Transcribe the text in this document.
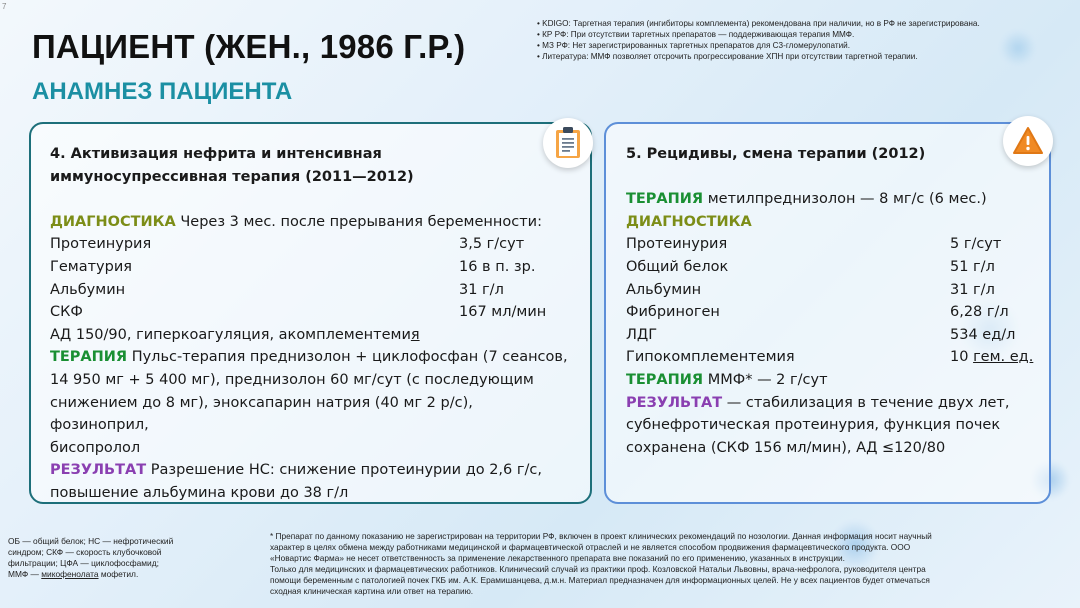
7
ПАЦИЕНТ (ЖЕН., 1986 Г.Р.)
АНАМНЕЗ ПАЦИЕНТА
• KDIGO: Таргетная терапия (ингибиторы комплемента) рекомендована при наличии, но в РФ не зарегистрирована.
• КР РФ: При отсутствии таргетных препаратов — поддерживающая терапия ММФ.
• МЗ РФ: Нет зарегистрированных таргетных препаратов для С3-гломерулопатий.
• Литература: ММФ позволяет отсрочить прогрессирование ХПН при отсутствии таргетной терапии.
4. Активизация нефрита и интенсивная
иммуносупрессивная терапия (2011—2012)
ДИАГНОСТИКА Через 3 мес. после прерывания беременности:
Протеинурия	3,5 г/сут
Гематурия	16 в п. зр.
Альбумин	31 г/л
СКФ	167 мл/мин
АД 150/90, гиперкоагуляция, акомплементемия
ТЕРАПИЯ Пульс-терапия преднизолон + циклофосфан (7 сеансов,
14 950 мг + 5 400 мг), преднизолон 60 мг/сут (с последующим
снижением до 8 мг), эноксапарин натрия (40 мг 2 р/с), фозиноприл,
бисопролол
РЕЗУЛЬТАТ Разрешение НС: снижение протеинурии до 2,6 г/с,
повышение альбумина крови до 38 г/л
5. Рецидивы, смена терапии (2012)
ТЕРАПИЯ метилпреднизолон — 8 мг/с (6 мес.)
ДИАГНОСТИКА
Протеинурия	5 г/сут
Общий белок	51 г/л
Альбумин	31 г/л
Фибриноген	6,28 г/л
ЛДГ	534 ед/л
Гипокомплементемия	10 гем. ед.
ТЕРАПИЯ ММФ* — 2 г/сут
РЕЗУЛЬТАТ — стабилизация в течение двух лет,
субнефротическая протеинурия, функция почек
сохранена (СКФ 156 мл/мин), АД ≤120/80
ОБ — общий белок; НС — нефротический
синдром; СКФ — скорость клубочковой
фильтрации; ЦФА — циклофосфамид;
ММФ — микофенолата мофетил.
* Препарат по данному показанию не зарегистрирован на территории РФ, включен в проект клинических рекомендаций по нозологии. Данная информация носит научный
характер в целях обмена между работниками медицинской и фармацевтической отраслей и не является способом продвижения фармацевтического продукта. ООО
«Новартис Фарма» не несет ответственность за применение лекарственного препарата вне показаний по его применению, указанных в инструкции.
Только для медицинских и фармацевтических работников. Клинический случай из практики проф. Козловской Натальи Львовны, врача-нефролога, руководителя центра
помощи беременным с патологией почек ГКБ им. А.К. Ерамишанцева, д.м.н. Материал предназначен для информационных целей. Не у всех пациентов будет отмечаться
сходная клиническая картина или ответ на терапию.
